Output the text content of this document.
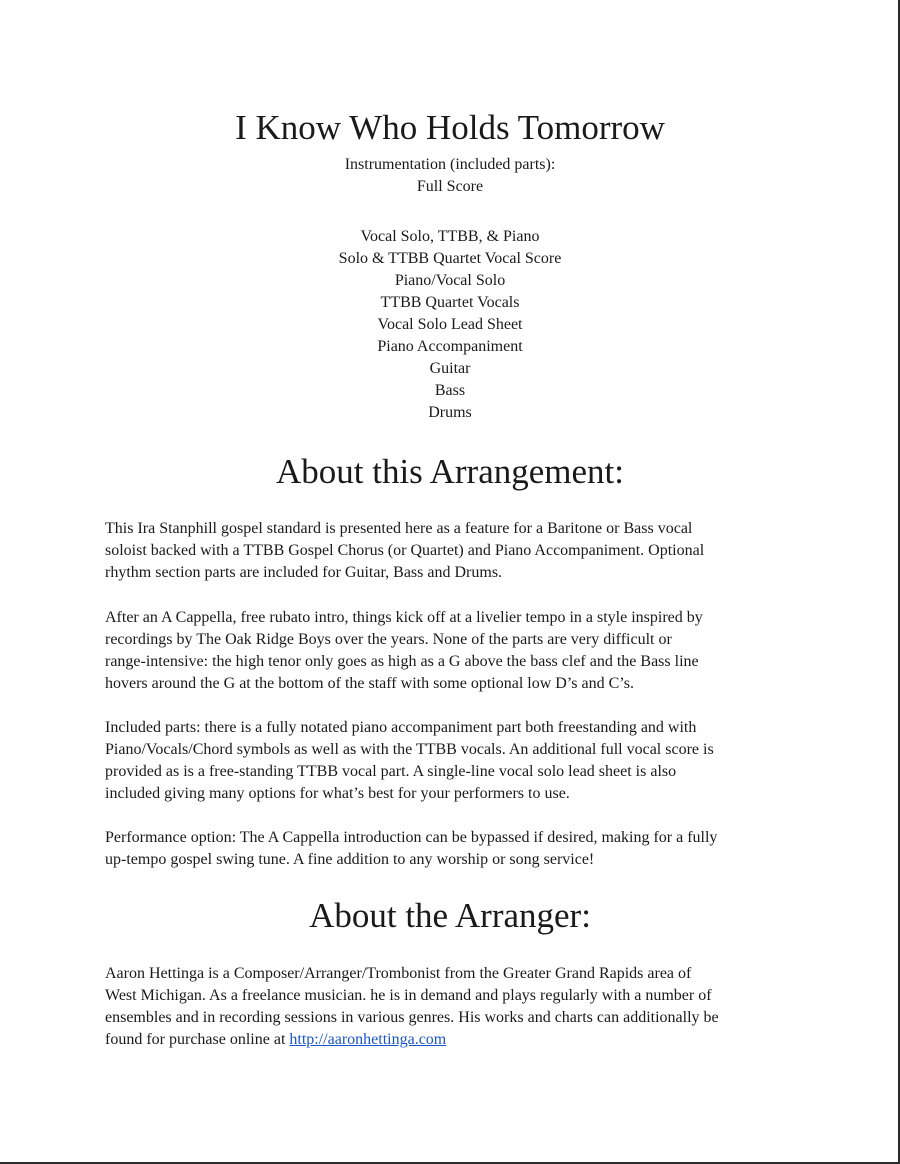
I Know Who Holds Tomorrow
Instrumentation (included parts):
Full Score
Vocal Solo, TTBB, & Piano
Solo & TTBB Quartet Vocal Score
Piano/Vocal Solo
TTBB Quartet Vocals
Vocal Solo Lead Sheet
Piano Accompaniment
Guitar
Bass
Drums
About this Arrangement:

This Ira Stanphill gospel standard is presented here as a feature for a Baritone or Bass vocal
soloist backed with a TTBB Gospel Chorus (or Quartet) and Piano Accompaniment. Optional
rhythm section parts are included for Guitar, Bass and Drums.

After an A Cappella, free rubato intro, things kick off at a livelier tempo in a style inspired by
recordings by The Oak Ridge Boys over the years. None of the parts are very difficult or
range-intensive: the high tenor only goes as high as a G above the bass clef and the Bass line
hovers around the G at the bottom of the staff with some optional low D’s and C’s.

Included parts: there is a fully notated piano accompaniment part both freestanding and with
Piano/Vocals/Chord symbols as well as with the TTBB vocals. An additional full vocal score is
provided as is a free-standing TTBB vocal part. A single-line vocal solo lead sheet is also
included giving many options for what’s best for your performers to use.

Performance option: The A Cappella introduction can be bypassed if desired, making for a fully
up-tempo gospel swing tune. A fine addition to any worship or song service!

About the Arranger:

Aaron Hettinga is a Composer/Arranger/Trombonist from the Greater Grand Rapids area of
West Michigan. As a freelance musician. he is in demand and plays regularly with a number of
ensembles and in recording sessions in various genres. His works and charts can additionally be
found for purchase online at http://aaronhettinga.com
